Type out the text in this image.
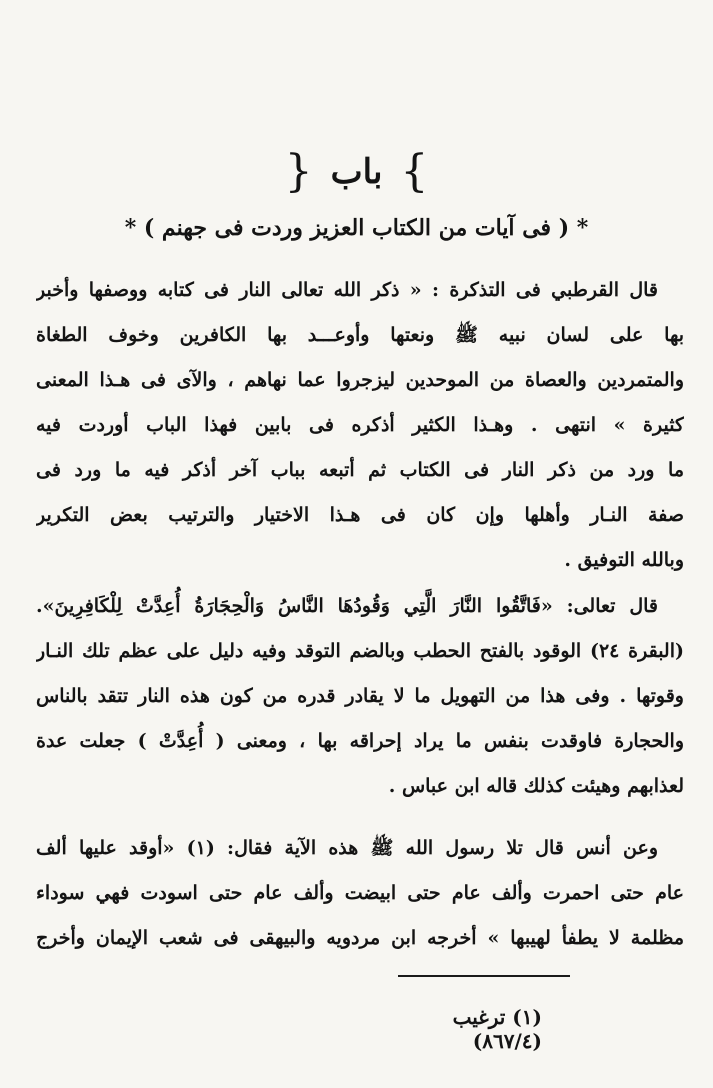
} باب {
* ( فى آيات من الكتاب العزيز وردت فى جهنم ) *
قال القرطبي فى التذكرة : « ذكر الله تعالى النار فى كتابه ووصفها وأخبر
بها على لسان نبيه ﷺ ونعتها وأوعـــد بها الكافرين وخوف الطغاة
والمتمردين والعصاة من الموحدين ليزجروا عما نهاهم ، والآى فى هـذا المعنى
كثيرة » انتهى . وهـذا الكثير أذكره فى بابين فهذا الباب أوردت فيه
ما ورد من ذكر النار فى الكتاب ثم أتبعه بباب آخر أذكر فيه ما ورد فى
صفة النـار وأهلها وإن كان فى هـذا الاختيار والترتيب بعض التكرير
وبالله التوفيق .
قال تعالى: «فَاتَّقُوا النَّارَ الَّتِي وَقُودُهَا النَّاسُ وَالْحِجَارَةُ أُعِدَّتْ لِلْكَافِرِينَ».
(البقرة ٢٤) الوقود بالفتح الحطب وبالضم التوقد وفيه دليل على عظم تلك النـار
وقوتها . وفى هذا من التهويل ما لا يقادر قدره من كون هذه النار تتقد بالناس
والحجارة فاوقدت بنفس ما يراد إحراقه بها ، ومعنى ( أُعِدَّتْ ) جعلت عدة
لعذابهم وهيئت كذلك قاله ابن عباس .
وعن أنس قال تلا رسول الله ﷺ هذه الآية فقال: (١) «أوقد عليها ألف
عام حتى احمرت وألف عام حتى ابيضت وألف عام حتى اسودت فهي سوداء
مظلمة لا يطفأ لهيبها » أخرجه ابن مردويه والبيهقى فى شعب الإيمان وأخرج
(١) ترغيب (٨٦٧/٤)
